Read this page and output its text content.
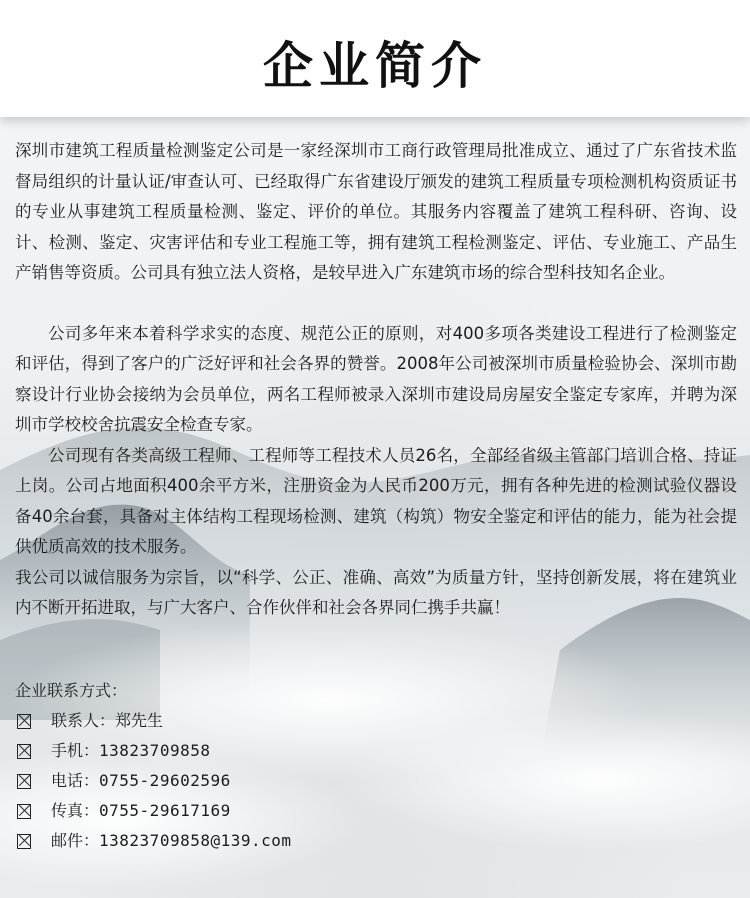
企业简介

深圳市建筑工程质量检测鉴定公司是一家经深圳市工商行政管理局批准成立、通过了广东省技术监督局组织的计量认证/审查认可、已经取得广东省建设厅颁发的建筑工程质量专项检测机构资质证书的专业从事建筑工程质量检测、鉴定、评价的单位。其服务内容覆盖了建筑工程科研、咨询、设计、检测、鉴定、灾害评估和专业工程施工等，拥有建筑工程检测鉴定、评估、专业施工、产品生产销售等资质。公司具有独立法人资格，是较早进入广东建筑市场的综合型科技知名企业。

公司多年来本着科学求实的态度、规范公正的原则，对400多项各类建设工程进行了检测鉴定和评估，得到了客户的广泛好评和社会各界的赞誉。2008年公司被深圳市质量检验协会、深圳市勘察设计行业协会接纳为会员单位，两名工程师被录入深圳市建设局房屋安全鉴定专家库，并聘为深圳市学校校舍抗震安全检查专家。

公司现有各类高级工程师、工程师等工程技术人员26名，全部经省级主管部门培训合格、持证上岗。公司占地面积400余平方米，注册资金为人民币200万元，拥有各种先进的检测试验仪器设备40余台套，具备对主体结构工程现场检测、建筑（构筑）物安全鉴定和评估的能力，能为社会提供优质高效的技术服务。

我公司以诚信服务为宗旨，以“科学、公正、准确、高效”为质量方针，坚持创新发展，将在建筑业内不断开拓进取，与广大客户、合作伙伴和社会各界同仁携手共赢！

企业联系方式：

联系人： 郑先生
手机： 13823709858
电话： 0755-29602596
传真： 0755-29617169
邮件： 13823709858@139.com
